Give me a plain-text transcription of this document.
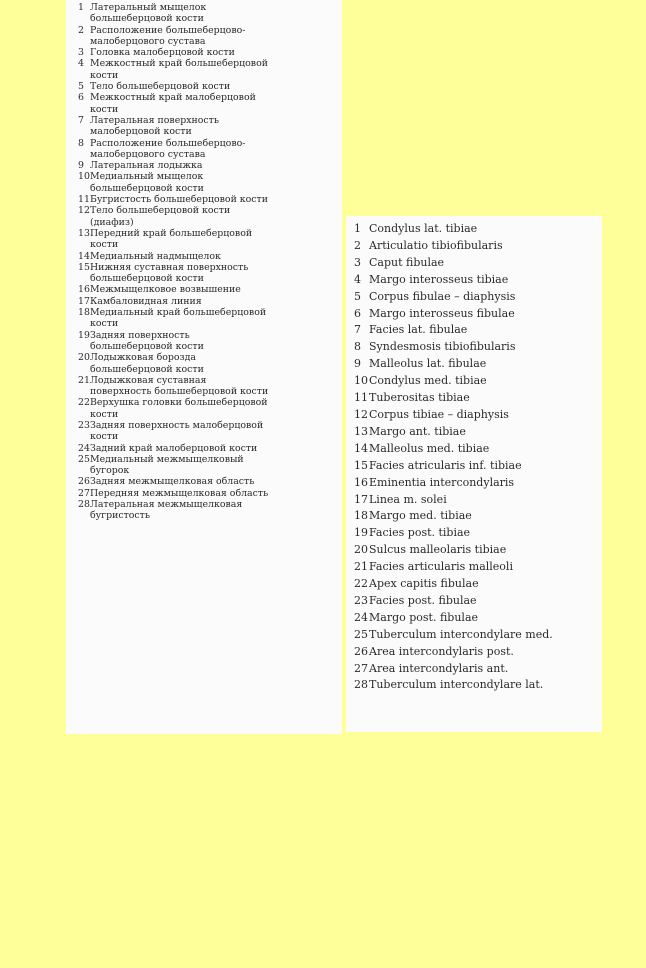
1 Латеральный мыщелок
большеберцовой кости
2 Расположение большеберцово-
малоберцового сустава
3 Головка малоберцовой кости
4 Межкостный край большеберцовой
кости
5 Тело большеберцовой кости
6 Межкостный край малоберцовой
кости
7 Латеральная поверхность
малоберцовой кости
8 Расположение большеберцово-
малоберцового сустава
9 Латеральная лодыжка
10 Медиальный мыщелок
большеберцовой кости
11 Бугристость большеберцовой кости
12 Тело большеберцовой кости
(диафиз)
13 Передний край большеберцовой
кости
14 Медиальный надмыщелок
15 Нижняя суставная поверхность
большеберцовой кости
16 Межмыщелковое возвышение
17 Камбаловидная линия
18 Медиальный край большеберцовой
кости
19 Задняя поверхность
большеберцовой кости
20 Лодыжковая борозда
большеберцовой кости
21 Лодыжковая суставная
поверхность большеберцовой кости
22 Верхушка головки большеберцовой
кости
23 Задняя поверхность малоберцовой
кости
24 Задний край малоберцовой кости
25 Медиальный межмыщелковый
бугорок
26 Задняя межмыщелковая область
27 Передняя межмыщелковая область
28 Латеральная межмыщелковая
бугристость
1 Condylus lat. tibiae
2 Articulatio tibiofibularis
3 Caput fibulae
4 Margo interosseus tibiae
5 Corpus fibulae – diaphysis
6 Margo interosseus fibulae
7 Facies lat. fibulae
8 Syndesmosis tibiofibularis
9 Malleolus lat. fibulae
10 Condylus med. tibiae
11 Tuberositas tibiae
12 Corpus tibiae – diaphysis
13 Margo ant. tibiae
14 Malleolus med. tibiae
15 Facies atricularis inf. tibiae
16 Eminentia intercondylaris
17 Linea m. solei
18 Margo med. tibiae
19 Facies post. tibiae
20 Sulcus malleolaris tibiae
21 Facies articularis malleoli
22 Apex capitis fibulae
23 Facies post. fibulae
24 Margo post. fibulae
25 Tuberculum intercondylare med.
26 Area intercondylaris post.
27 Area intercondylaris ant.
28 Tuberculum intercondylare lat.
